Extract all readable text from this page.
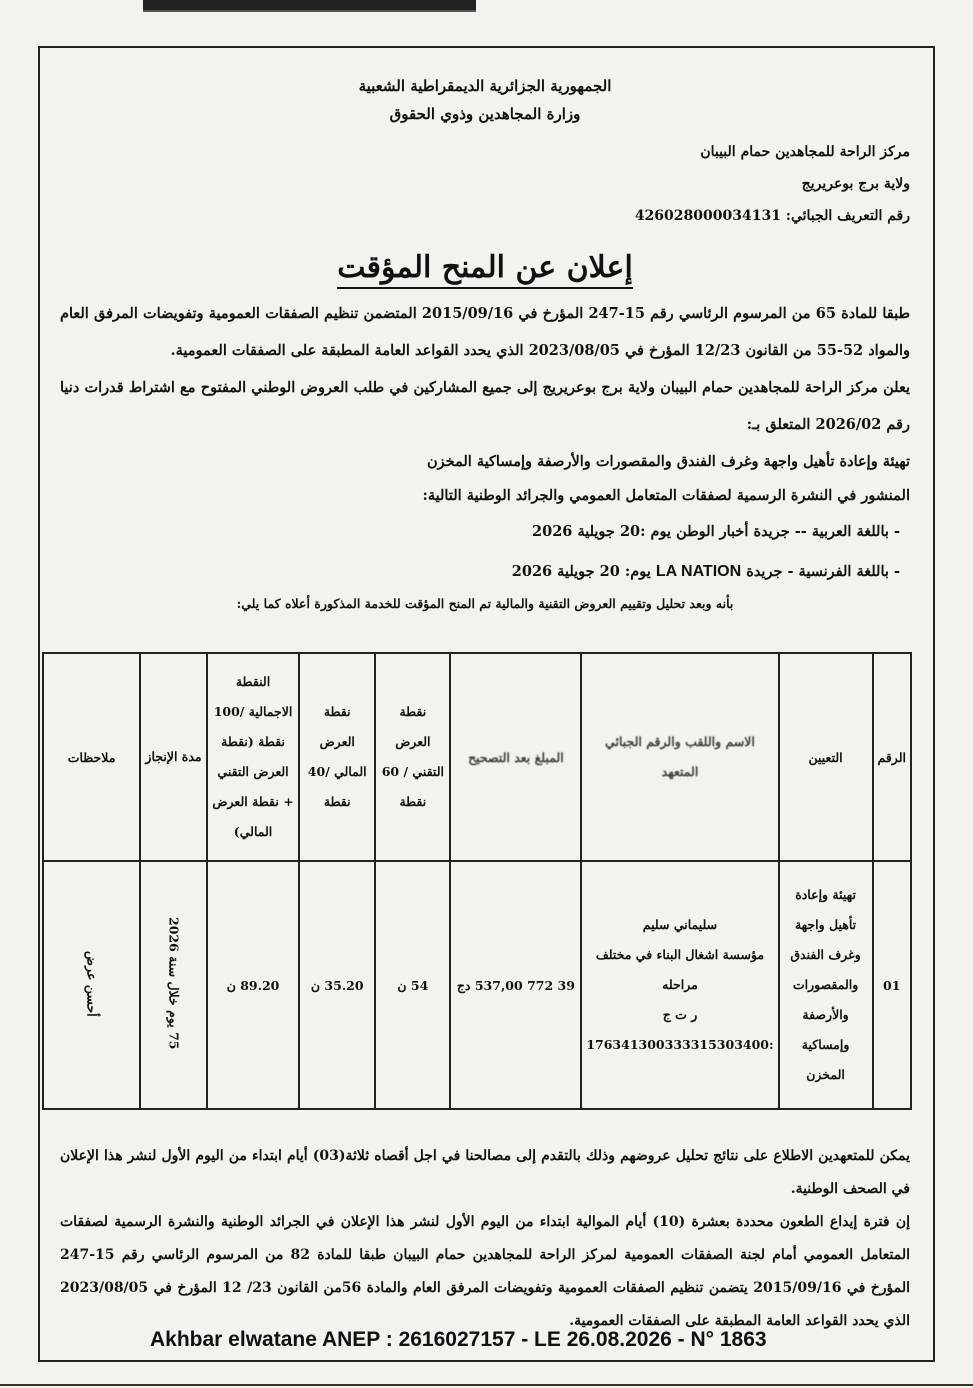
الجمهورية الجزائرية الديمقراطية الشعبية
وزارة المجاهدين وذوي الحقوق
مركز الراحة للمجاهدين حمام البيبان
ولاية برج بوعريريج
رقم التعريف الجبائي: 426028000034131
إعلان عن المنح المؤقت

طبقا للمادة 65 من المرسوم الرئاسي رقم 15-247 المؤرخ في 2015/09/16 المتضمن تنظيم الصفقات العمومية وتفويضات المرفق العام والمواد 52-55 من القانون 12/23 المؤرخ في 2023/08/05 الذي يحدد القواعد العامة المطبقة على الصفقات العمومية.

يعلن مركز الراحة للمجاهدين حمام البيبان ولاية برج بوعريريج إلى جميع المشاركين في طلب العروض الوطني المفتوح مع اشتراط قدرات دنيا رقم 2026/02 المتعلق بـ:

تهيئة وإعادة تأهيل واجهة وغرف الفندق والمقصورات والأرصفة وإمساكية المخزن

المنشور في النشرة الرسمية لصفقات المتعامل العمومي والجرائد الوطنية التالية:

- باللغة العربية -- جريدة أخبار الوطن يوم :20 جويلية 2026

- باللغة الفرنسية - جريدة LA NATION يوم: 20 جويلية 2026

بأنه وبعد تحليل وتقييم العروض التقنية والمالية تم المنح المؤقت للخدمة المذكورة أعلاه كما يلي:
الرقم	التعيين	الاسم واللقب والرقم الجبائي المتعهد	المبلغ بعد التصحيح	نقطة العرض التقني / 60 نقطة	نقطة العرض المالي /40 نقطة	النقطة الاجمالية /100 نقطة (نقطة العرض التقني + نقطة العرض المالي)	مدة الإنجاز	ملاحظات
01	تهيئة وإعادة تأهيل واجهة وغرف الفندق والمقصورات والأرصفة وإمساكية المخزن	سليماني سليم
مؤسسة اشغال البناء في مختلف مراحله
ر ت ج
176341300333315303400:	39 772 537,00 دج	54 ن	35.20 ن	89.20 ن	75 يوم خلال سنة 2026	أحسن عرض

يمكن للمتعهدين الاطلاع على نتائج تحليل عروضهم وذلك بالتقدم إلى مصالحنا في اجل أقصاه ثلاثة(03) أيام ابتداء من اليوم الأول لنشر هذا الإعلان في الصحف الوطنية.

إن فترة إيداع الطعون محددة بعشرة (10) أيام الموالية ابتداء من اليوم الأول لنشر هذا الإعلان في الجرائد الوطنية والنشرة الرسمية لصفقات المتعامل العمومي أمام لجنة الصفقات العمومية لمركز الراحة للمجاهدين حمام البيبان طبقا للمادة 82 من المرسوم الرئاسي رقم 15-247 المؤرخ في 2015/09/16 يتضمن تنظيم الصفقات العمومية وتفويضات المرفق العام والمادة 56من القانون 23/ 12 المؤرخ في 2023/08/05 الذي يحدد القواعد العامة المطبقة على الصفقات العمومية.

Akhbar elwatane ANEP : 2616027157 - LE 26.08.2026 - N° 1863
